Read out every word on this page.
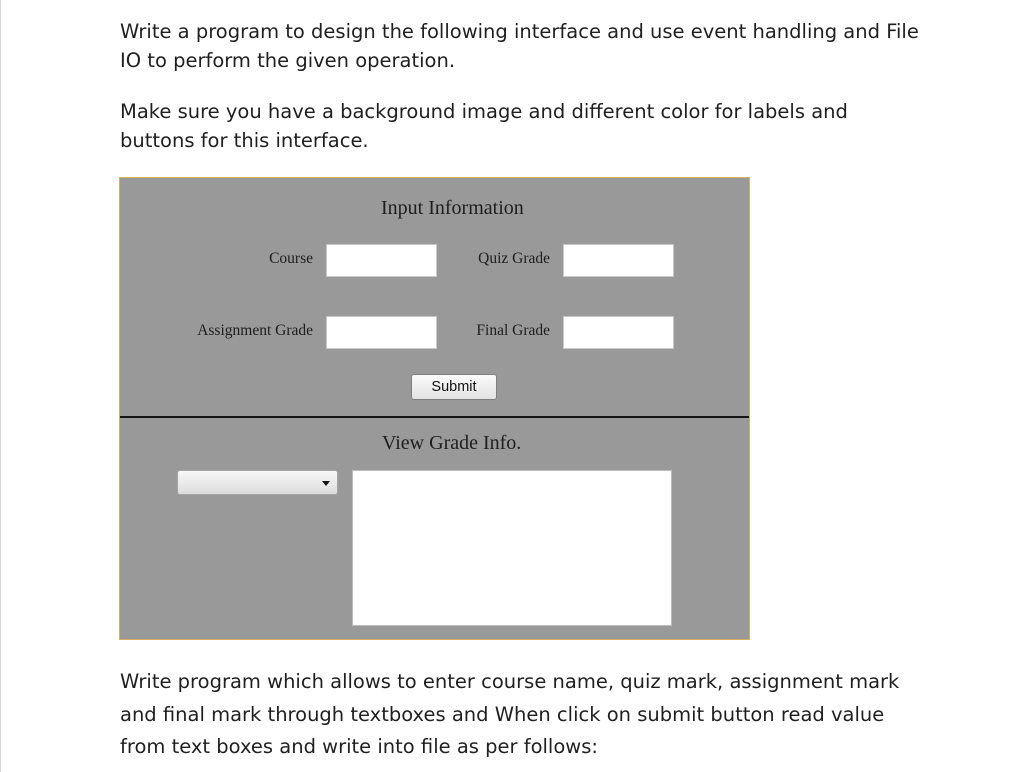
Write a program to design the following interface and use event handling and File
IO to perform the given operation.
Make sure you have a background image and different color for labels and
buttons for this interface.
Input Information
Course	Quiz Grade
Assignment Grade	Final Grade
Submit
View Grade Info.
Write program which allows to enter course name, quiz mark, assignment mark
and final mark through textboxes and When click on submit button read value
from text boxes and write into file as per follows:
